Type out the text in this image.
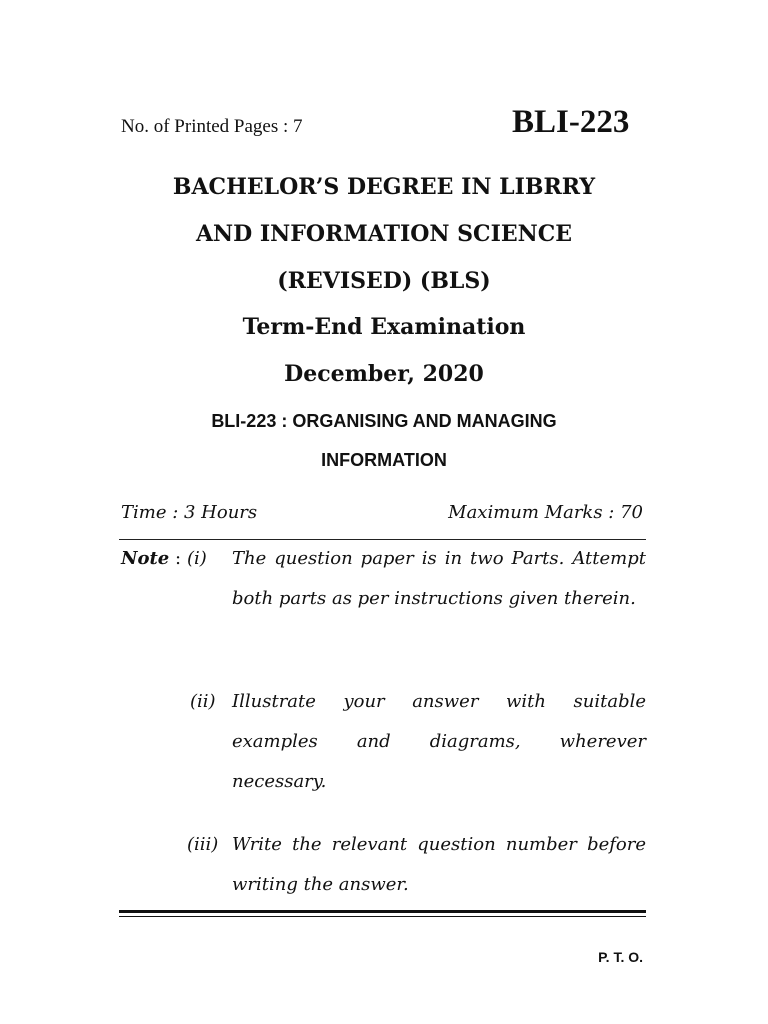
No. of Printed Pages : 7	BLI-223
BACHELOR’S DEGREE IN LIBRRY
AND INFORMATION SCIENCE
(REVISED) (BLS)
Term-End Examination
December, 2020
BLI-223 : ORGANISING AND MANAGING
INFORMATION
Time : 3 Hours	Maximum Marks : 70
Note : (i) The question paper is in two Parts. Attempt both parts as per instructions given therein.
(ii) Illustrate your answer with suitable examples and diagrams, wherever necessary.
(iii) Write the relevant question number before writing the answer.
P. T. O.
